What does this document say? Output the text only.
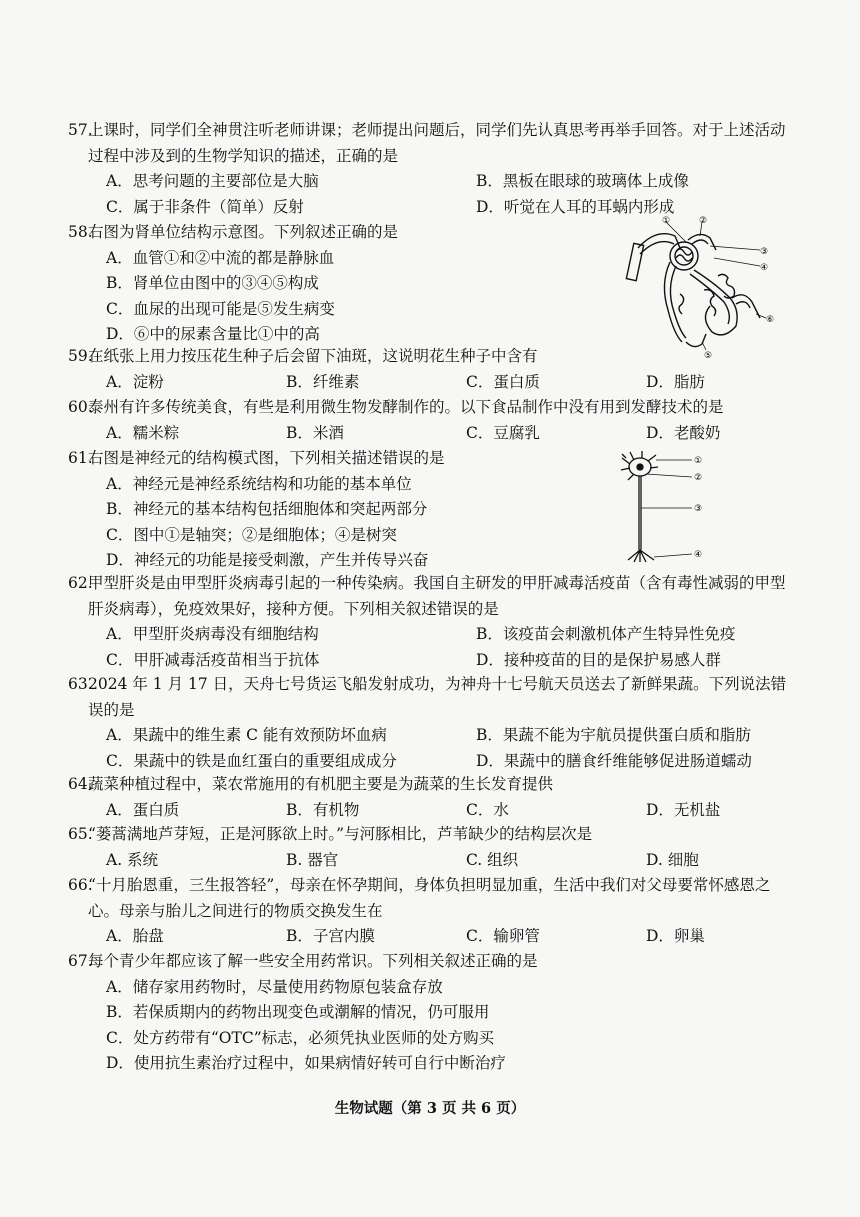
57.
上课时，同学们全神贯注听老师讲课；老师提出问题后，同学们先认真思考再举手回答。对于上述活动过程中涉及到的生物学知识的描述，正确的是
A．思考问题的主要部位是大脑	B．黑板在眼球的玻璃体上成像
C．属于非条件（简单）反射	D．听觉在人耳的耳蜗内形成
58.
右图为肾单位结构示意图。下列叙述正确的是
A．血管①和②中流的都是静脉血
B．肾单位由图中的③④⑤构成
C．血尿的出现可能是⑤发生病变
D．⑥中的尿素含量比①中的高
①	②
③
④
⑥
⑤
59.
在纸张上用力按压花生种子后会留下油斑，这说明花生种子中含有
A．淀粉	B．纤维素	C．蛋白质	D．脂肪
60.
泰州有许多传统美食，有些是利用微生物发酵制作的。以下食品制作中没有用到发酵技术的是
A．糯米粽	B．米酒	C．豆腐乳	D．老酸奶
61.
右图是神经元的结构模式图，下列相关描述错误的是
A．神经元是神经系统结构和功能的基本单位
B．神经元的基本结构包括细胞体和突起两部分
C．图中①是轴突；②是细胞体；④是树突
D．神经元的功能是接受刺激，产生并传导兴奋
①
②
③
④
62.
甲型肝炎是由甲型肝炎病毒引起的一种传染病。我国自主研发的甲肝减毒活疫苗（含有毒性减弱的甲型肝炎病毒），免疫效果好，接种方便。下列相关叙述错误的是
A．甲型肝炎病毒没有细胞结构	B．该疫苗会刺激机体产生特异性免疫
C．甲肝减毒活疫苗相当于抗体	D．接种疫苗的目的是保护易感人群
63.
2024 年 1 月 17 日，天舟七号货运飞船发射成功，为神舟十七号航天员送去了新鲜果蔬。下列说法错误的是
A．果蔬中的维生素 C 能有效预防坏血病	B．果蔬不能为宇航员提供蛋白质和脂肪
C．果蔬中的铁是血红蛋白的重要组成成分	D．果蔬中的膳食纤维能够促进肠道蠕动
64.
蔬菜种植过程中，菜农常施用的有机肥主要是为蔬菜的生长发育提供
A．蛋白质	B．有机物	C．水	D．无机盐
65.
“蒌蒿满地芦芽短，正是河豚欲上时。”与河豚相比，芦苇缺少的结构层次是
A. 系统	B. 器官	C. 组织	D. 细胞
66.
“十月胎恩重，三生报答轻”，母亲在怀孕期间，身体负担明显加重，生活中我们对父母要常怀感恩之心。母亲与胎儿之间进行的物质交换发生在
A．胎盘	B．子宫内膜	C．输卵管	D．卵巢
67.
每个青少年都应该了解一些安全用药常识。下列相关叙述正确的是
A．储存家用药物时，尽量使用药物原包装盒存放
B．若保质期内的药物出现变色或潮解的情况，仍可服用
C．处方药带有“OTC”标志，必须凭执业医师的处方购买
D．使用抗生素治疗过程中，如果病情好转可自行中断治疗
生物试题（第 3 页 共 6 页）
